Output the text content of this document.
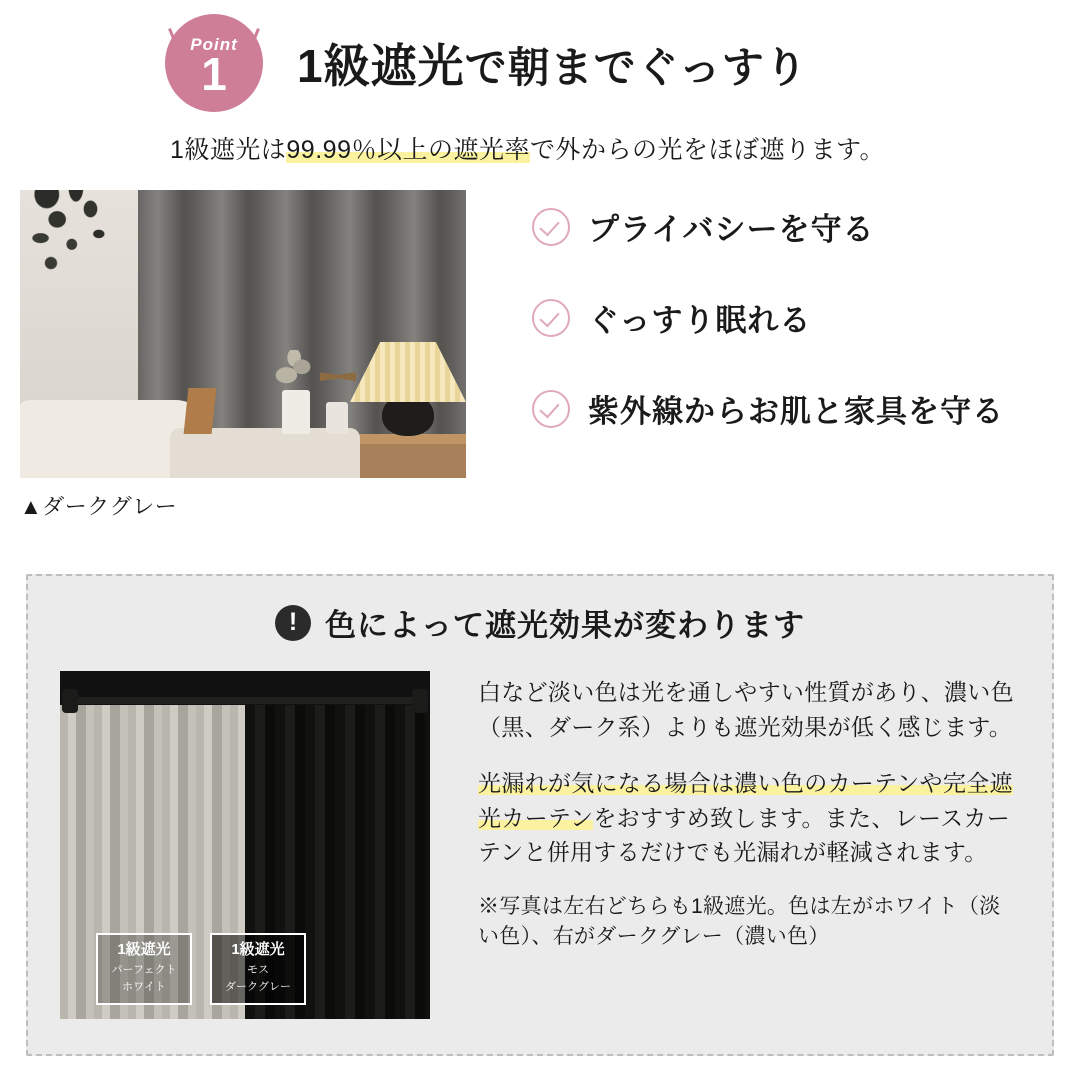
Point
1 1級遮光で朝までぐっすり
1級遮光は99.99％以上の遮光率で外からの光をほぼ遮ります。
▲ダークグレー
プライバシーを守る
ぐっすり眠れる
紫外線からお肌と家具を守る
! 色によって遮光効果が変わります
1級遮光
パーフェクト
ホワイト
1級遮光
モス
ダークグレー

白など淡い色は光を通しやすい性質があり、濃い色（黒、ダーク系）よりも遮光効果が低く感じます。

光漏れが気になる場合は濃い色のカーテンや完全遮光カーテンをおすすめ致します。また、レースカーテンと併用するだけでも光漏れが軽減されます。

※写真は左右どちらも1級遮光。色は左がホワイト（淡い色）、右がダークグレー（濃い色）
